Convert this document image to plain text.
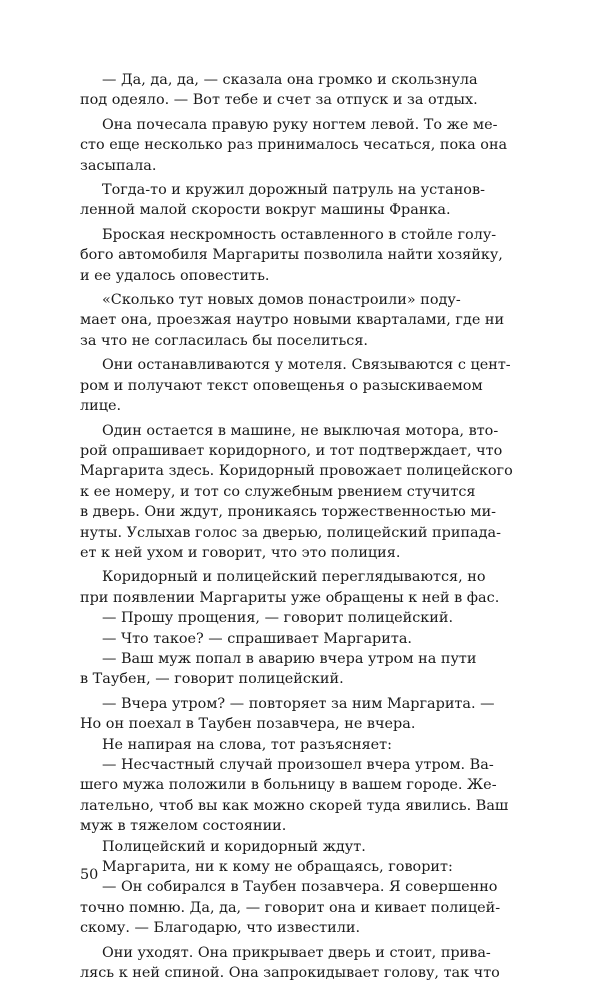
— Да, да, да, — сказала она громко и скользнула
под одеяло. — Вот тебе и счет за отпуск и за отдых.

Она почесала правую руку ногтем левой. То же ме-
сто еще несколько раз принималось чесаться, пока она
засыпала.

Тогда-то и кружил дорожный патруль на установ-
ленной малой скорости вокруг машины Франка.

Броская нескромность оставленного в стойле голу-
бого автомобиля Маргариты позволила найти хозяйку,
и ее удалось оповестить.

«Сколько тут новых домов понастроили» поду-
мает она, проезжая наутро новыми кварталами, где ни
за что не согласилась бы поселиться.

Они останавливаются у мотеля. Связываются с цент-
ром и получают текст оповещенья о разыскиваемом
лице.

Один остается в машине, не выключая мотора, вто-
рой опрашивает коридорного, и тот подтверждает, что
Маргарита здесь. Коридорный провожает полицейского
к ее номеру, и тот со служебным рвением стучится
в дверь. Они ждут, проникаясь торжественностью ми-
нуты. Услыхав голос за дверью, полицейский припада-
ет к ней ухом и говорит, что это полиция.

Коридорный и полицейский переглядываются, но
при появлении Маргариты уже обращены к ней в фас.

— Прошу прощения, — говорит полицейский.

— Что такое? — спрашивает Маргарита.

— Ваш муж попал в аварию вчера утром на пути
в Таубен, — говорит полицейский.

— Вчера утром? — повторяет за ним Маргарита. —
Но он поехал в Таубен позавчера, не вчера.

Не напирая на слова, тот разъясняет:

— Несчастный случай произошел вчера утром. Ва-
шего мужа положили в больницу в вашем городе. Же-
лательно, чтоб вы как можно скорей туда явились. Ваш
муж в тяжелом состоянии.

Полицейский и коридорный ждут.

Маргарита, ни к кому не обращаясь, говорит:

— Он собирался в Таубен позавчера. Я совершенно
точно помню. Да, да, — говорит она и кивает полицей-
скому. — Благодарю, что известили.

Они уходят. Она прикрывает дверь и стоит, прива-
лясь к ней спиной. Она запрокидывает голову, так что

50
